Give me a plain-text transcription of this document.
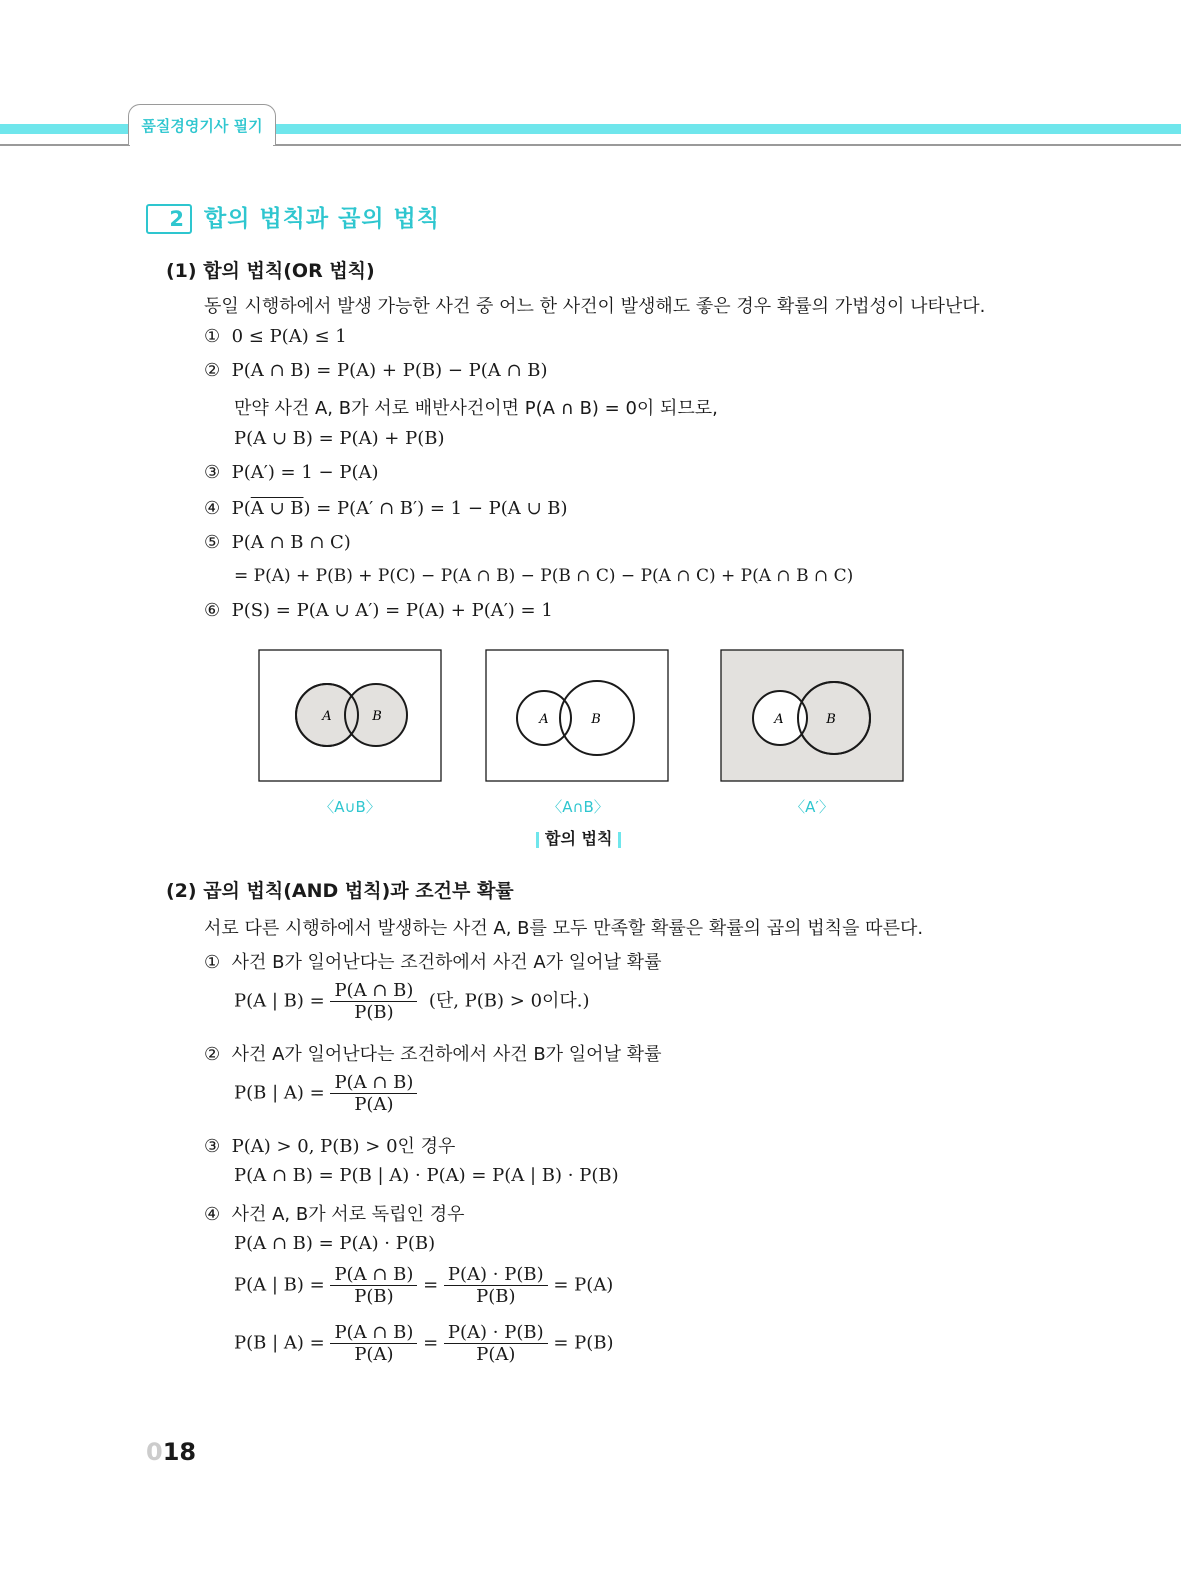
품질경영기사 필기
2 합의 법칙과 곱의 법칙
(1) 합의 법칙(OR 법칙)
동일 시행하에서 발생 가능한 사건 중 어느 한 사건이 발생해도 좋은 경우 확률의 가법성이 나타난다.
① 0 ≤ P(A) ≤ 1
② P(A ∩ B) = P(A) + P(B) − P(A ∩ B)
만약 사건 A, B가 서로 배반사건이면 P(A ∩ B) = 0이 되므로,
P(A ∪ B) = P(A) + P(B)
③ P(A′) = 1 − P(A)
④ P(A ∪ B) = P(A′ ∩ B′) = 1 − P(A ∪ B)
⑤ P(A ∩ B ∩ C)
= P(A) + P(B) + P(C) − P(A ∩ B) − P(B ∩ C) − P(A ∩ C) + P(A ∩ B ∩ C)
⑥ P(S) = P(A ∪ A′) = P(A) + P(A′) = 1
A	B	A	B	A	B
〈A∪B〉	〈A∩B〉	〈A′〉
합의 법칙
(2) 곱의 법칙(AND 법칙)과 조건부 확률
서로 다른 시행하에서 발생하는 사건 A, B를 모두 만족할 확률은 확률의 곱의 법칙을 따른다.
① 사건 B가 일어난다는 조건하에서 사건 A가 일어날 확률
P(A | $B) = \frac{P(A \cap B)}{P(B)}$ (단, P(B) > 0이다.)
② 사건 A가 일어난다는 조건하에서 사건 B가 일어날 확률
P(B | $A) = \frac{P(A \cap B)}{P(A)}$
③ P(A) > 0, P(B) > 0인 경우
P(A ∩ B) = P(B | A) · P(A) = P(A | B) · P(B)
④ 사건 A, B가 서로 독립인 경우
P(A ∩ B) = P(A) · P(B)
P(A | $B) = \frac{P(A \cap B)}{P(B)} = \frac{P(A) \cdot P(B)}{P(B)} = P(A)$
P(B | $A) = \frac{P(A \cap B)}{P(A)} = \frac{P(A) \cdot P(B)}{P(A)} = P(B)$
018
